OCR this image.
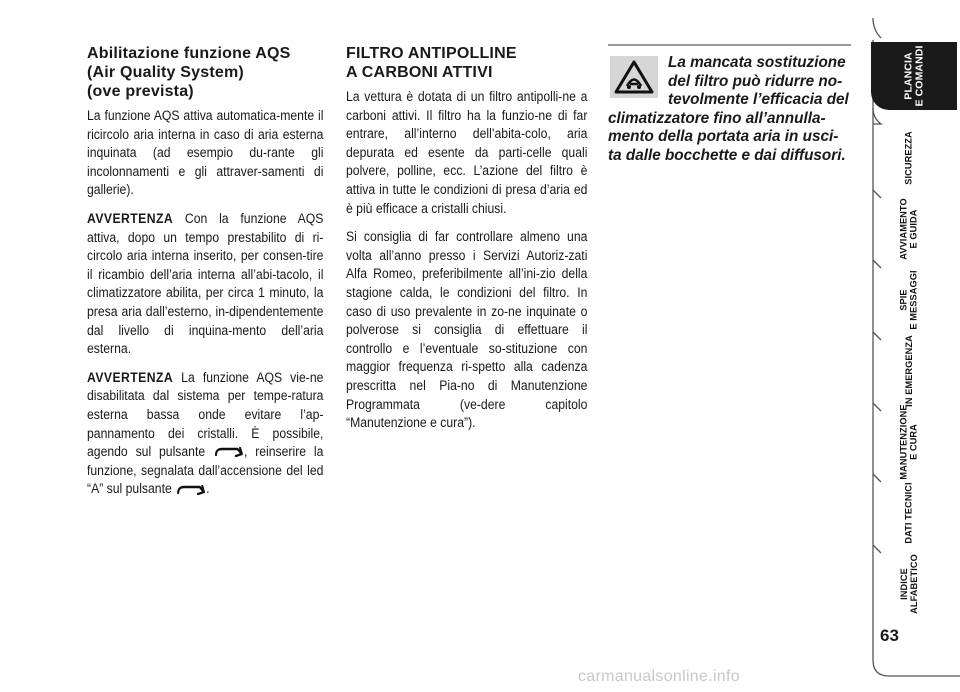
Abilitazione funzione AQS
(Air Quality System)
(ove prevista)

La funzione AQS attiva automatica-mente il ricircolo aria interna in caso di aria esterna inquinata (ad esempio du-rante gli incolonnamenti e gli attraver-samenti di gallerie).

AVVERTENZA Con la funzione AQS attiva, dopo un tempo prestabilito di ri-circolo aria interna inserito, per consen-tire il ricambio dell’aria interna all’abi-tacolo, il climatizzatore abilita, per circa 1 minuto, la presa aria dall’esterno, in-dipendentemente dal livello di inquina-mento dell’aria esterna.

AVVERTENZA La funzione AQS vie-ne disabilitata dal sistema per tempe-ratura esterna bassa onde evitare l’ap-pannamento dei cristalli. È possibile, agendo sul pulsante , reinserire la funzione, segnalata dall’accensione del led “A” sul pulsante .

FILTRO ANTIPOLLINE
A CARBONI ATTIVI

La vettura è dotata di un filtro antipolli-ne a carboni attivi. Il filtro ha la funzio-ne di far entrare, all’interno dell’abita-colo, aria depurata ed esente da parti-celle quali polvere, polline, ecc. L’azione del filtro è attiva in tutte le condizioni di presa d’aria ed è più efficace a cristalli chiusi.

Si consiglia di far controllare almeno una volta all’anno presso i Servizi Autoriz-zati Alfa Romeo, preferibilmente all’ini-zio della stagione calda, le condizioni del filtro. In caso di uso prevalente in zo-ne inquinate o polverose si consiglia di effettuare il controllo e l’eventuale so-stituzione con maggior frequenza ri-spetto alla cadenza prescritta nel Pia-no di Manutenzione Programmata (ve-dere capitolo “Manutenzione e cura”).

La mancata sostituzione
del filtro può ridurre no-
tevolmente l’efficacia del
climatizzatore fino all’annulla-
mento della portata aria in usci-
ta dalle bocchette e dai diffusori.

PLANCIA
E COMANDI
SICUREZZA
AVVIAMENTO
E GUIDA
SPIE
E MESSAGGI
IN EMERGENZA
MANUTENZIONE
E CURA
DATI TECNICI
INDICE
ALFABETICO
63
carmanualsonline.info
